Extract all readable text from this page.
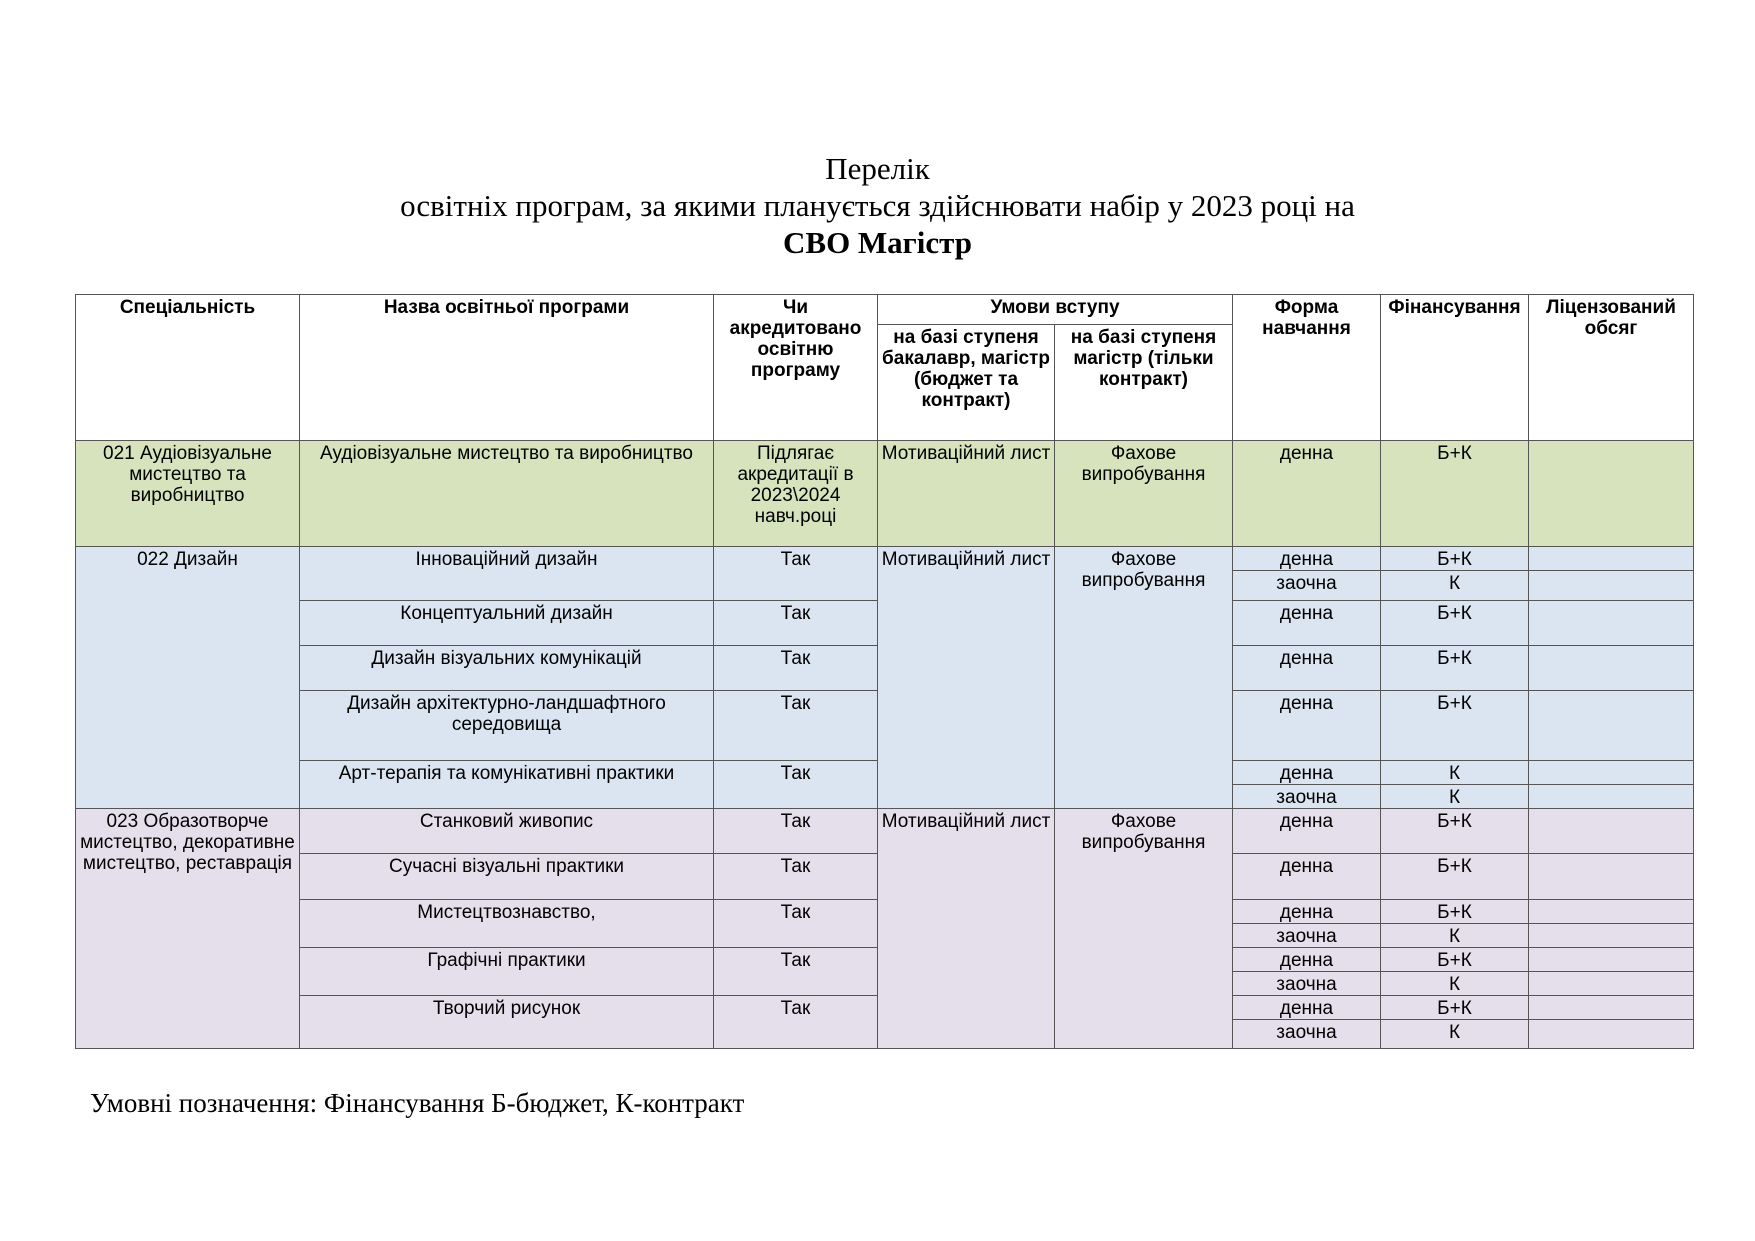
Перелік
освітніх програм, за якими планується здійснювати набір у 2023 році на
СВО Магістр
Спеціальність	Назва освітньої програми	Чи акредитовано освітню програму	Умови вступу		Форма навчання	Фінансування	Ліцензований обсяг
			на базі ступеня бакалавр, магістр (бюджет та контракт)	на базі ступеня магістр (тільки контракт)			
021 Аудіовізуальне мистецтво та виробництво	Аудіовізуальне мистецтво та виробництво	Підлягає акредитації в 2023\2024 навч.році	Мотиваційний лист	Фахове випробування	денна	Б+К	
022 Дизайн	Інноваційний дизайн	Так	Мотиваційний лист	Фахове випробування	денна	Б+К	
					заочна	К	
	Концептуальний дизайн	Так			денна	Б+К	
	Дизайн візуальних комунікацій	Так			денна	Б+К	
	Дизайн архітектурно-ландшафтного середовища	Так			денна	Б+К	
	Арт-терапія та комунікативні практики	Так			денна	К	
					заочна	К	
023 Образотворче мистецтво, декоративне мистецтво, реставрація	Станковий живопис	Так	Мотиваційний лист	Фахове випробування	денна	Б+К	
	Сучасні візуальні практики	Так			денна	Б+К	
	Мистецтвознавство,	Так			денна	Б+К	
					заочна	К	
	Графічні практики	Так			денна	Б+К	
					заочна	К	
	Творчий рисунок	Так			денна	Б+К	
					заочна	К	
Умовні позначення: Фінансування Б-бюджет, К-контракт
